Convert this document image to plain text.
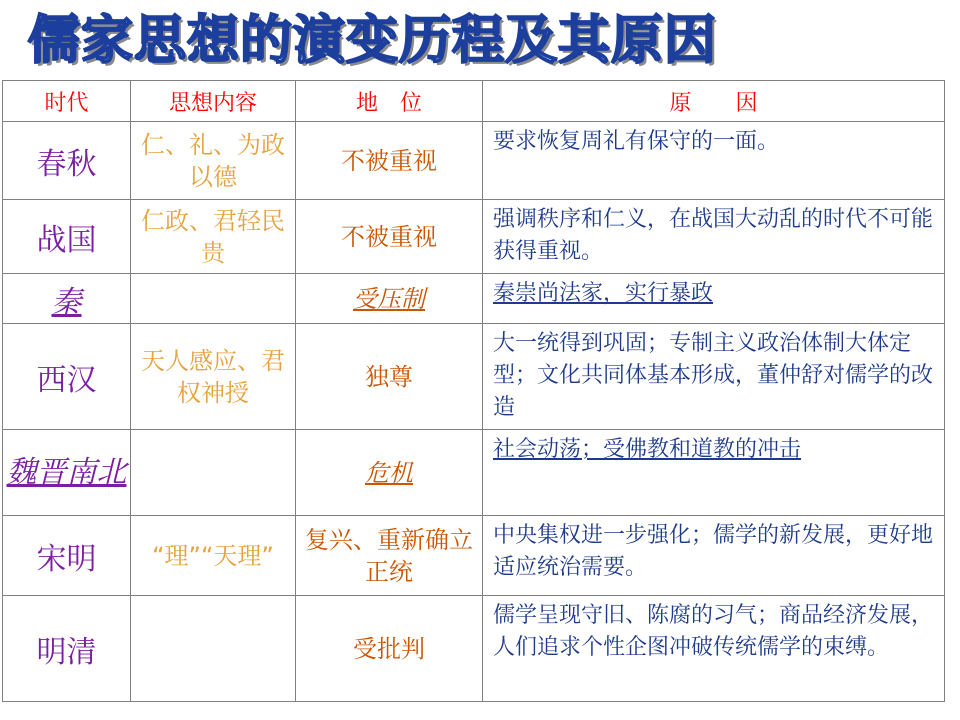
儒家思想的演变历程及其原因
时代	思想内容	地　位	原　　因
春秋	仁、礼、为政以德	不被重视	要求恢复周礼有保守的一面。
战国	仁政、君轻民贵	不被重视	强调秩序和仁义，在战国大动乱的时代不可能获得重视。
秦		受压制	秦崇尚法家，实行暴政
西汉	天人感应、君权神授	独尊	大一统得到巩固；专制主义政治体制大体定型；文化共同体基本形成，董仲舒对儒学的改造
魏晋南北		危机	社会动荡；受佛教和道教的冲击
宋明	“理”“天理”	复兴、重新确立正统	中央集权进一步强化；儒学的新发展，更好地适应统治需要。
明清		受批判	儒学呈现守旧、陈腐的习气；商品经济发展，人们追求个性企图冲破传统儒学的束缚。
